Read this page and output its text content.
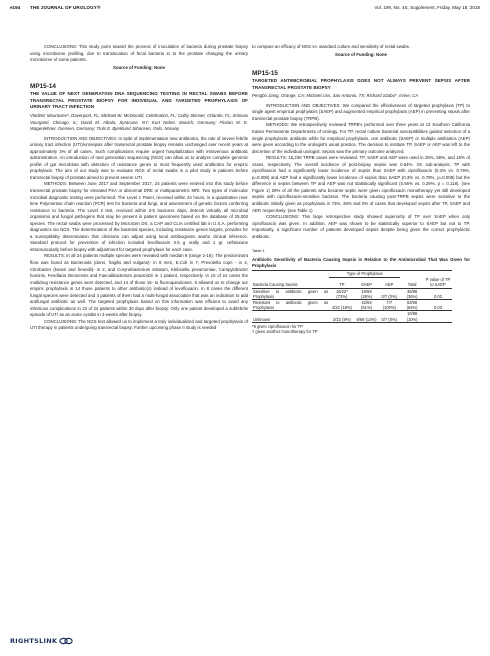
e194 THE JOURNAL OF UROLOGY®	Vol. 199, No. 4S, Supplement, Friday, May 18, 2018

CONCLUSIONS: This study point toward the process of inoculation of bacteria during prostate biopsy using microbiome profiling, due to translocation of fecal bacteria in to the prostate changing the urinary microbiome of some patients.

Source of Funding: None

MP15-14

THE VALUE OF NEXT GENERATION DNA SEQUENCING TESTING IN RECTAL SWABS BEFORE TRANSRECTAL PROSTATE BIOPSY FOR INDIVIDUAL AND TARGETED PROPHYLAXIS OF URINARY TRACT INFECTION

Vladimir Mouraviev*, Davenport, FL; Michael W. McDonald, Celebration, FL; Colby Skinner, Orlando, FL; Srinivas Vourganti, Chicago, IL; David M. Albala, Syracuse, NY; Kurt Neber, Munich, Germany; Florian M. E. Wagenlehner, Giessen, Germany; Truls E. Bjerklund Johansen, Oslo, Norway

INTRODUCTION AND OBJECTIVES: In spite of implementation new antibiotics, the rate of severe febrile urinary tract infection (UTI)/urosepsis after transrectal prostate biopsy remains unchanged over recent years at approximately 3% of all cases. Such complications require urgent hospitalization with intravenous antibiotic administration. An introduction of next generation sequencing (NGS) can allow us to analyze complete genomic profile of gut microbiota with detection of resistance genes to most frequently used antibiotics for empiric prophylaxis. The aim of our study was to evaluate NGS of rectal swabs in a pilot study in patients before transrectal biopsy of prostate aimed to prevent severe UTI.

METHODS: Between June 2017 and September 2017, 24 patients were entered into this study before transrectal prostate biopsy for elevated PSA or abnormal DRE or multiparametric MRI. Two types of molecular microbial diagnostic testing were performed. The Level 1 Panel, received within 24 hours, is a quantitative real-time Polymerase chain reaction (PCR) test for bacteria and fungi, and assessment of genetic factors conferring resistance to bacteria. The Level 2 test, received within 3-5 business days, detects virtually all microbial organisms and fungal pathogens that may be present in patient specimens based on the database of 25,000 species. The rectal swabs were processed by MicroGen DX, a CAP and CLIA certified lab in U.S.A. performing diagnostics via NGS. The determination of the bacterial species, including resistance genes targets, provides for a susceptibility determination that clinicians can adjust using local antibiograms and/or clinical inference. Standard protocol for prevention of infection included levofloxacin 0.5 g orally and 1 gr. ceftriaxone intramuscularly before biopsy with adjustment for targeted prophylaxis for each case.

RESULTS: In all 24 patients multiple species were revealed with median 9 (range 2-16). The predominant flora was found as Bacteroids (dorei, fragilis and vulgaris)- in 8 men, E.Coli in 7, Prevotella copri - in 2, Citrobacter (koseri and freundii)- in 2, and Corynebacterium striatum, Klebsiella pneumoniae, Campylobacter hominis, Fendlaria timonensis and Faecalibacterium prausnitzii in 1 patient, respectively. In 15 of 24 cases the multidrug resistance genes were detected, and 14 of those 15- to fluoroquinolones. It allowed us to change our empiric prophylaxis in 14 those patients to other antibiotic(s) instead of levofloxacin. In 8 cases the different fungal species were detected and 4 patients of them had a multi-fungal association that was an indication to add antifungal antibiotic as well. The targeted prophylaxis based on this information was efficient to avoid any infectious complications in 23 of 24 patients within 30 days after biopsy. Only one patient developed a subfebrile episode of UTI as an acute cystitis in 3 weeks after biopsy.

CONCLUSIONS: The NGS test allowed us to implement a truly individualized and targeted prophylaxis of UTI therapy in patients undergoing transrectal biopsy. Further upcoming phase II study is needed

to compare an efficacy of NGS vs. standard culture and sensitivity of rectal swabs.

Source of Funding: None

MP15-15

TARGETED ANTIMICROBIAL PROPHYLAXIS DOES NOT ALWAYS PREVENT SEPSIS AFTER TRANSRECTAL PROSTATE BIOPSY

Pengbo Jiang, Orange, CA; Michael Liss, San Antonio, TX; Richard Szabo*, Irvine, CA

INTRODUCTION AND OBJECTIVES: We compared the effectiveness of targeted prophylaxis (TP) to single agent empirical prophylaxis (SAEP) and augmented empirical prophylaxis (AEP) in preventing sepsis after transrectal prostate biopsy (TRPB).

METHODS: We retrospectively reviewed TRPB's performed over three years at 13 Southern California Kaiser Permanente Departments of Urology. For TP, rectal culture bacterial susceptibilities guided selection of a single prophylactic antibiotic while for empirical prophylaxis, one antibiotic (SAEP) or multiple antibiotics (AEP) were given according to the urologist's usual practice. The decision to institute TP, SAEP or AEP was left to the discretion of the individual urologist. Sepsis was the primary outcome analyzed.

RESULTS: 15,236 TRPB cases were reviewed. TP, SAEP and AEP were used in 26%, 58%, and 16% of cases, respectively. The overall incidence of post-biopsy sepsis was 0.64%. On sub-analysis, TP with ciprofloxacin had a significantly lower incidence of sepsis than SAEP with ciprofloxacin (0.3% vs. 0.79%, p=0.008) and AEP had a significantly lower incidence of sepsis than SAEP (0.3% vs. 0.78%, p=0.008) but the difference in sepsis between TP and AEP was not statistically significant (0.56% vs. 0.29%, p = 0.118). (see Figure 1) 29% of all the patients who became septic were given ciprofloxacin monotherapy yet still developed sepsis with ciprofloxacin-sensitive bacteria. The bacteria causing post-TRPB sepsis were sensitive to the antibiotic initially given as prophylaxis in 73%, 28% and 0% of cases that developed sepsis after TP, SAEP and AEP, respectively. (see Table 1)

CONCLUSIONS: This large retrospective study showed superiority of TP over SAEP when only ciprofloxacin was given. In addition, AEP was shown to be statistically superior to SAEP but not to TP. Importantly, a significant number of patients developed sepsis despite being given the correct prophylactic antibiotic.

Table 1
Antibiotic Sensitivity of Bacteria Causing Sepsis in Relation to the Antimicrobial That Was Given for Prophylaxis
	Type of Prophylaxis				
Bacteria Causing Sepsis	TP	SAEP	AEP	Total	P value of TP to SAEP
Sensitive to antibiotic given as Prophylaxis	16/22* (73%)	19/69 (28%)	0/7 (0%)	35/98 (36%)	0.02
Resistant to antibiotic given as Prophylaxis	4/22 (18%)	42/69 (61%)	7/7 (100%)	53/98 (54%)	0.03
Unknown	2/22 (9%)	8/69 (12%)	0/7 (0%)	10/98 (10%)	
*9 given ciprofloxacin for TP
7 given another monotherapy for TP
RIGHTSLINK
